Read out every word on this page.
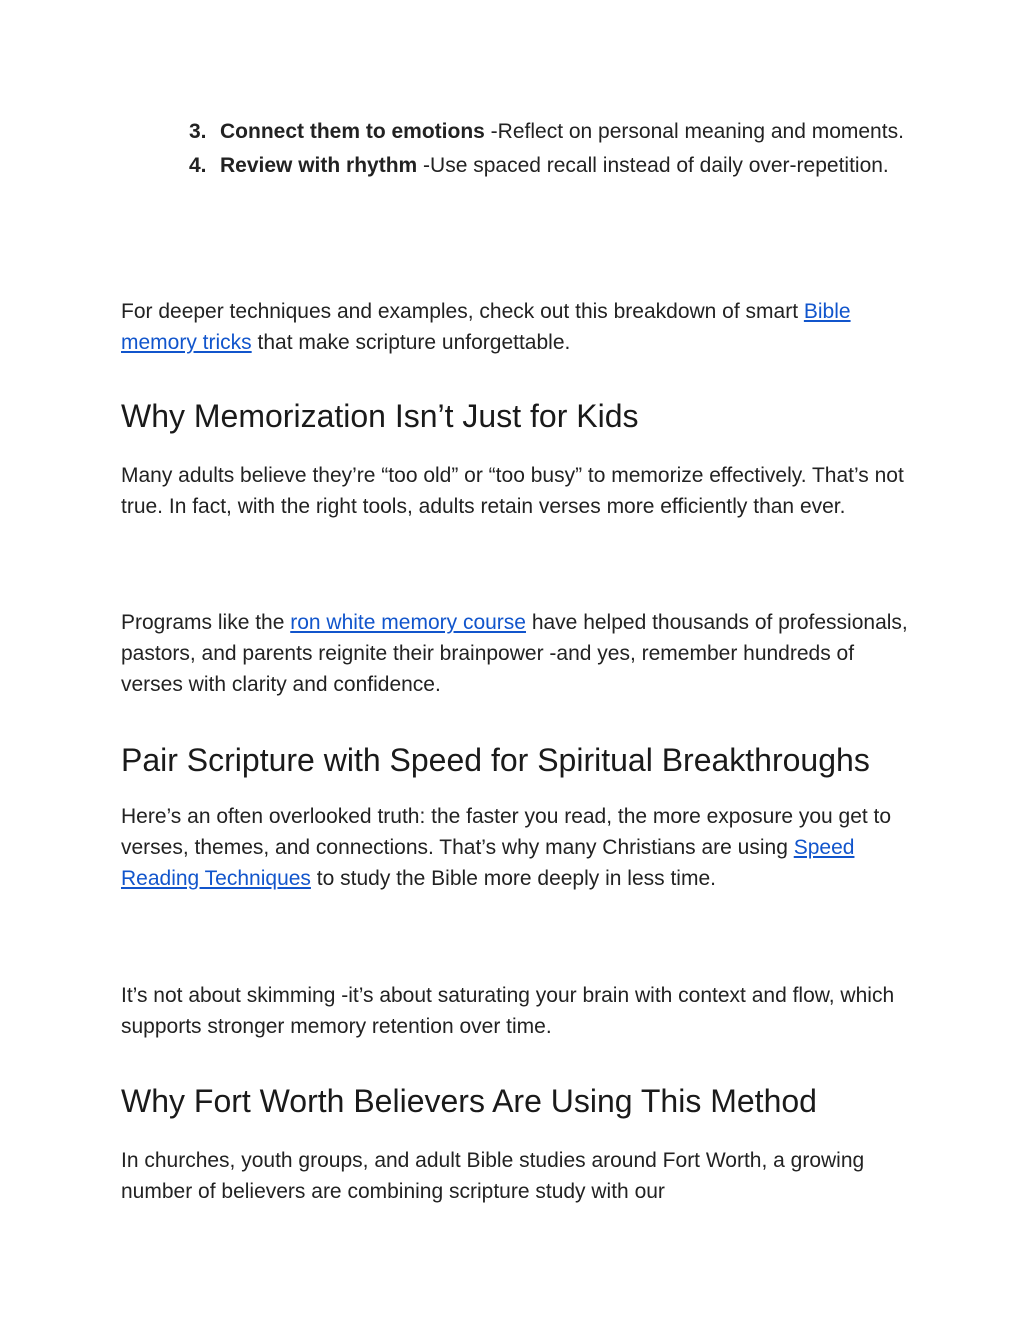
3. Connect them to emotions -Reflect on personal meaning and moments.
4. Review with rhythm -Use spaced recall instead of daily over-repetition.

For deeper techniques and examples, check out this breakdown of smart Bible memory tricks that make scripture unforgettable.

Why Memorization Isn’t Just for Kids

Many adults believe they’re “too old” or “too busy” to memorize effectively. That’s not true. In fact, with the right tools, adults retain verses more efficiently than ever.

Programs like the ron white memory course have helped thousands of professionals, pastors, and parents reignite their brainpower -and yes, remember hundreds of verses with clarity and confidence.

Pair Scripture with Speed for Spiritual Breakthroughs

Here’s an often overlooked truth: the faster you read, the more exposure you get to verses, themes, and connections. That’s why many Christians are using Speed Reading Techniques to study the Bible more deeply in less time.

It’s not about skimming -it’s about saturating your brain with context and flow, which supports stronger memory retention over time.

Why Fort Worth Believers Are Using This Method

In churches, youth groups, and adult Bible studies around Fort Worth, a growing number of believers are combining scripture study with our
